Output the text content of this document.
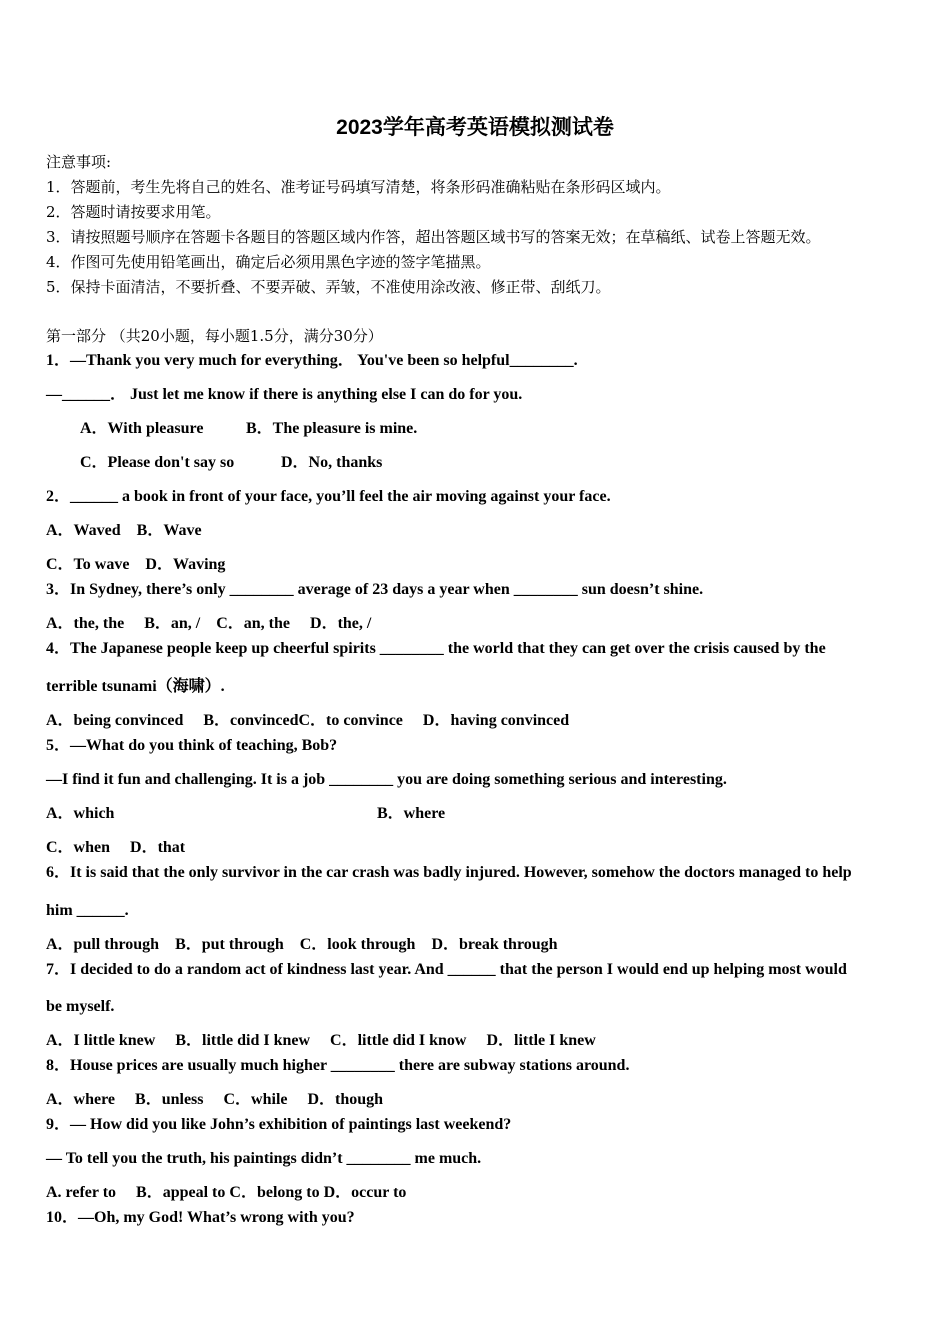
2023学年高考英语模拟测试卷
注意事项:
1．答题前，考生先将自己的姓名、准考证号码填写清楚，将条形码准确粘贴在条形码区域内。
2．答题时请按要求用笔。
3．请按照题号顺序在答题卡各题目的答题区域内作答，超出答题区域书写的答案无效；在草稿纸、试卷上答题无效。
4．作图可先使用铅笔画出，确定后必须用黑色字迹的签字笔描黑。
5．保持卡面清洁，不要折叠、不要弄破、弄皱，不准使用涂改液、修正带、刮纸刀。
第一部分 （共20小题，每小题1.5分，满分30分）
1．—Thank you very much for everything． You've been so helpful________.
—______． Just let me know if there is anything else I can do for you.
A．With pleasure	B．The pleasure is mine.
C．Please don't say so	D．No, thanks
2．______ a book in front of your face, you’ll feel the air moving against your face.
A．Waved　B．Wave
C．To wave　D．Waving
3．In Sydney, there’s only ________ average of 23 days a year when ________ sun doesn’t shine.
A．the, the　 B．an, /　C．an, the　 D．the, /
4．The Japanese people keep up cheerful spirits ________ the world that they can get over the crisis caused by the
terrible tsunami（海啸）.
A．being convinced　 B．convincedC．to convince　 D．having convinced
5．—What do you think of teaching, Bob?
—I find it fun and challenging. It is a job ________ you are doing something serious and interesting.
A．which	B．where
C．when　 D．that
6．It is said that the only survivor in the car crash was badly injured. However, somehow the doctors managed to help
him ______.
A．pull through　B．put through　C．look through　D．break through
7．I decided to do a random act of kindness last year. And ______ that the person I would end up helping most would
be myself.
A．I little knew　 B．little did I knew　 C．little did I know　 D．little I knew
8．House prices are usually much higher ________ there are subway stations around.
A．where　 B．unless　 C．while　 D．though
9．— How did you like John’s exhibition of paintings last weekend?
— To tell you the truth, his paintings didn’t ________ me much.
A. refer to　 B．appeal to C．belong to D．occur to
10．—Oh, my God! What’s wrong with you?
